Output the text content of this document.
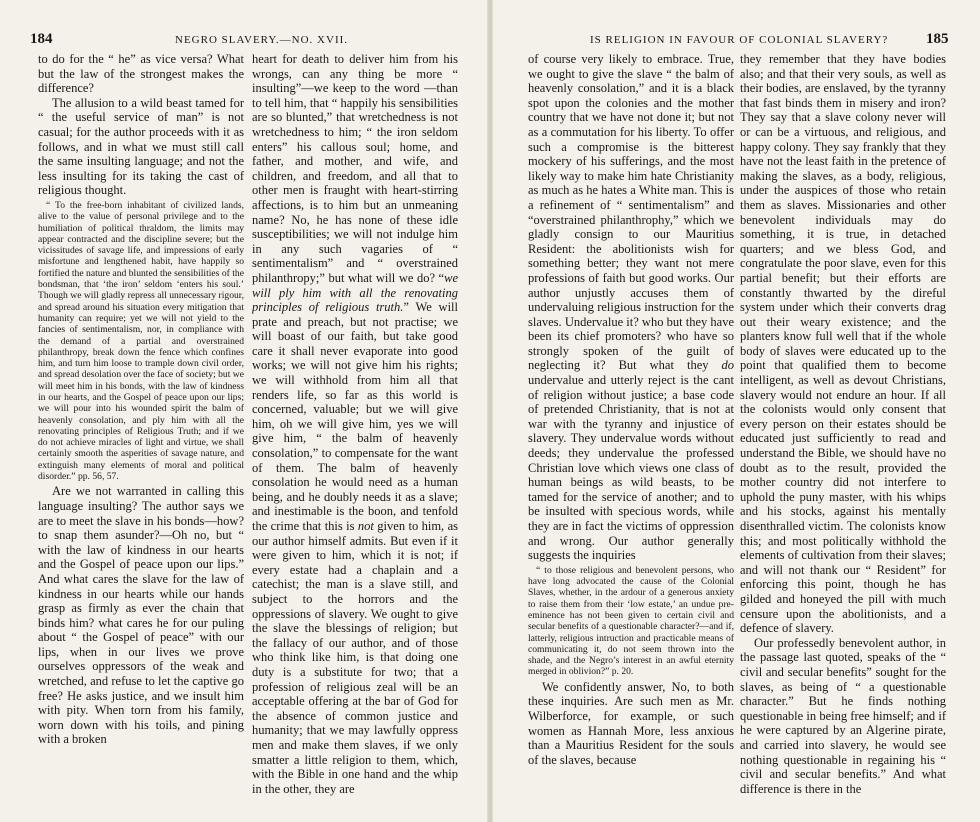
184	NEGRO SLAVERY.—NO. XVII.

to do for the “ he” as vice versa? What but the law of the strongest makes the difference?

The allusion to a wild beast tamed for “ the useful service of man” is not casual; for the author proceeds with it as follows, and in what we must still call the same insulting language; and not the less insulting for its taking the cast of religious thought.

“ To the free-born inhabitant of civilized lands, alive to the value of personal privilege and to the humiliation of political thraldom, the limits may appear contracted and the discipline severe; but the vicissitudes of savage life, and impressions of early misfortune and lengthened habit, have happily so fortified the nature and blunted the sensibilities of the bondsman, that ‘the iron’ seldom ‘enters his soul.’ Though we will gladly repress all unnecessary rigour, and spread around his situation every mitigation that humanity can require; yet we will not yield to the fancies of sentimentalism, nor, in compliance with the demand of a partial and overstrained philanthropy, break down the fence which confines him, and turn him loose to trample down civil order, and spread desolation over the face of society; but we will meet him in his bonds, with the law of kindness in our hearts, and the Gospel of peace upon our lips; we will pour into his wounded spirit the balm of heavenly consolation, and ply him with all the renovating principles of Religious Truth; and if we do not achieve miracles of light and virtue, we shall certainly smooth the asperities of savage nature, and extinguish many elements of moral and political disorder.” pp. 56, 57.

Are we not warranted in calling this language insulting? The author says we are to meet the slave in his bonds—how? to snap them asunder?—Oh no, but “ with the law of kindness in our hearts and the Gospel of peace upon our lips.” And what cares the slave for the law of kindness in our hearts while our hands grasp as firmly as ever the chain that binds him? what cares he for our puling about “ the Gospel of peace” with our lips, when in our lives we prove ourselves oppressors of the weak and wretched, and refuse to let the captive go free? He asks justice, and we insult him with pity. When torn from his family, worn down with his toils, and pining with a broken

heart for death to deliver him from his wrongs, can any thing be more “ insulting”—we keep to the word —than to tell him, that “ happily his sensibilities are so blunted,” that wretchedness is not wretchedness to him; “ the iron seldom enters” his callous soul; home, and father, and mother, and wife, and children, and freedom, and all that to other men is fraught with heart-stirring affections, is to him but an unmeaning name? No, he has none of these idle susceptibilities; we will not indulge him in any such vagaries of “ sentimentalism” and “ overstrained philanthropy;” but what will we do? “we will ply him with all the renovating principles of religious truth.” We will prate and preach, but not practise; we will boast of our faith, but take good care it shall never evaporate into good works; we will not give him his rights; we will withhold from him all that renders life, so far as this world is concerned, valuable; but we will give him, oh we will give him, yes we will give him, “ the balm of heavenly consolation,” to compensate for the want of them. The balm of heavenly consolation he would need as a human being, and he doubly needs it as a slave; and inestimable is the boon, and tenfold the crime that this is not given to him, as our author himself admits. But even if it were given to him, which it is not; if every estate had a chaplain and a catechist; the man is a slave still, and subject to the horrors and the oppressions of slavery. We ought to give the slave the blessings of religion; but the fallacy of our author, and of those who think like him, is that doing one duty is a substitute for two; that a profession of religious zeal will be an acceptable offering at the bar of God for the absence of common justice and humanity; that we may lawfully oppress men and make them slaves, if we only smatter a little religion to them, which, with the Bible in one hand and the whip in the other, they are

IS RELIGION IN FAVOUR OF COLONIAL SLAVERY?	185

of course very likely to embrace. True, we ought to give the slave “ the balm of heavenly consolation,” and it is a black spot upon the colonies and the mother country that we have not done it; but not as a commutation for his liberty. To offer such a compromise is the bitterest mockery of his sufferings, and the most likely way to make him hate Christianity as much as he hates a White man. This is a refinement of “ sentimentalism” and “overstrained philanthrophy,” which we gladly consign to our Mauritius Resident: the abolitionists wish for something better; they want not mere professions of faith but good works. Our author unjustly accuses them of undervaluing religious instruction for the slaves. Undervalue it? who but they have been its chief promoters? who have so strongly spoken of the guilt of neglecting it? But what they do undervalue and utterly reject is the cant of religion without justice; a base code of pretended Christianity, that is not at war with the tyranny and injustice of slavery. They undervalue words without deeds; they undervalue the professed Christian love which views one class of human beings as wild beasts, to be tamed for the service of another; and to be insulted with specious words, while they are in fact the victims of oppression and wrong. Our author generally suggests the inquiries

“ to those religious and benevolent persons, who have long advocated the cause of the Colonial Slaves, whether, in the ardour of a generous anxiety to raise them from their ‘low estate,’ an undue pre-eminence has not been given to certain civil and secular benefits of a questionable character?—and if, latterly, religious intruction and practicable means of communicating it, do not seem thrown into the shade, and the Negro’s interest in an awful eternity merged in oblivion?” p. 20.

We confidently answer, No, to both these inquiries. Are such men as Mr. Wilberforce, for example, or such women as Hannah More, less anxious than a Mauritius Resident for the souls of the slaves, because

they remember that they have bodies also; and that their very souls, as well as their bodies, are enslaved, by the tyranny that fast binds them in misery and iron? They say that a slave colony never will or can be a virtuous, and religious, and happy colony. They say frankly that they have not the least faith in the pretence of making the slaves, as a body, religious, under the auspices of those who retain them as slaves. Missionaries and other benevolent individuals may do something, it is true, in detached quarters; and we bless God, and congratulate the poor slave, even for this partial benefit; but their efforts are constantly thwarted by the direful system under which their converts drag out their weary existence; and the planters know full well that if the whole body of slaves were educated up to the point that qualified them to become intelligent, as well as devout Christians, slavery would not endure an hour. If all the colonists would only consent that every person on their estates should be educated just sufficiently to read and understand the Bible, we should have no doubt as to the result, provided the mother country did not interfere to uphold the puny master, with his whips and his stocks, against his mentally disenthralled victim. The colonists know this; and most politically withhold the elements of cultivation from their slaves; and will not thank our “ Resident” for enforcing this point, though he has gilded and honeyed the pill with much censure upon the abolitionists, and a defence of slavery.

Our professedly benevolent author, in the passage last quoted, speaks of the “ civil and secular benefits” sought for the slaves, as being of “ a questionable character.” But he finds nothing questionable in being free himself; and if he were captured by an Algerine pirate, and carried into slavery, he would see nothing questionable in regaining his “ civil and secular benefits.” And what difference is there in the
